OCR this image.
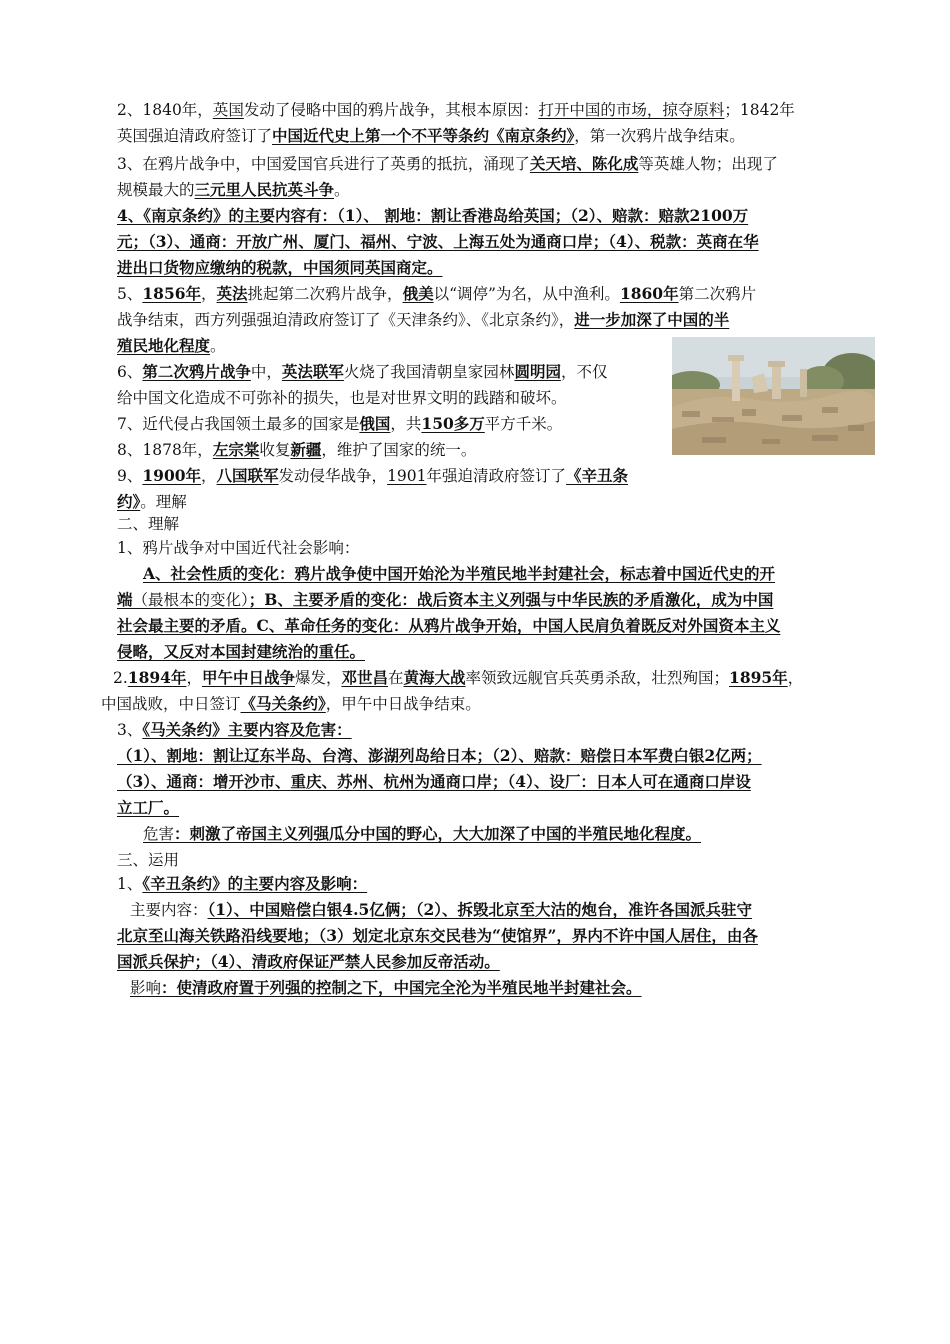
2、1840年，英国发动了侵略中国的鸦片战争，其根本原因：打开中国的市场，掠夺原料；1842年
英国强迫清政府签订了中国近代史上第一个不平等条约《南京条约》，第一次鸦片战争结束。
3、在鸦片战争中，中国爱国官兵进行了英勇的抵抗，涌现了关天培、陈化成等英雄人物；出现了
规模最大的三元里人民抗英斗争。
4、《南京条约》的主要内容有：（1）、 割地：割让香港岛给英国；（2）、赔款：赔款2100万
元；（3）、通商：开放广州、厦门、福州、宁波、上海五处为通商口岸；（4）、税款：英商在华
进出口货物应缴纳的税款，中国须同英国商定。
5、1856年，英法挑起第二次鸦片战争，俄美以“调停”为名，从中渔利。1860年第二次鸦片
战争结束，西方列强强迫清政府签订了《天津条约》、《北京条约》，进一步加深了中国的半
殖民地化程度。
6、第二次鸦片战争中，英法联军火烧了我国清朝皇家园林圆明园，不仅
给中国文化造成不可弥补的损失，也是对世界文明的践踏和破坏。
7、近代侵占我国领土最多的国家是俄国，共150多万平方千米。
8、1878年，左宗棠收复新疆，维护了国家的统一。
9、1900年，八国联军发动侵华战争，1901年强迫清政府签订了《辛丑条
约》。理解
二、理解
1、鸦片战争对中国近代社会影响：
A、社会性质的变化：鸦片战争使中国开始沦为半殖民地半封建社会，标志着中国近代史的开
端（最根本的变化）；B、主要矛盾的变化：战后资本主义列强与中华民族的矛盾激化，成为中国
社会最主要的矛盾。C、革命任务的变化：从鸦片战争开始，中国人民肩负着既反对外国资本主义
侵略，又反对本国封建统治的重任。
2.1894年，甲午中日战争爆发，邓世昌在黄海大战率领致远舰官兵英勇杀敌，壮烈殉国；1895年，
中国战败，中日签订《马关条约》，甲午中日战争结束。
3、《马关条约》主要内容及危害：
（1）、割地：割让辽东半岛、台湾、澎湖列岛给日本；（2）、赔款：赔偿日本军费白银2亿两；
（3）、通商：增开沙市、重庆、苏州、杭州为通商口岸；（4）、设厂：日本人可在通商口岸设
立工厂。
危害：刺激了帝国主义列强瓜分中国的野心，大大加深了中国的半殖民地化程度。
三、运用
1、《辛丑条约》的主要内容及影响：
主要内容：（1）、中国赔偿白银4.5亿俩；（2）、拆毁北京至大沽的炮台，准许各国派兵驻守
北京至山海关铁路沿线要地；（3）划定北京东交民巷为“使馆界”，界内不许中国人居住，由各
国派兵保护；（4）、清政府保证严禁人民参加反帝活动。
影响：使清政府置于列强的控制之下，中国完全沦为半殖民地半封建社会。
